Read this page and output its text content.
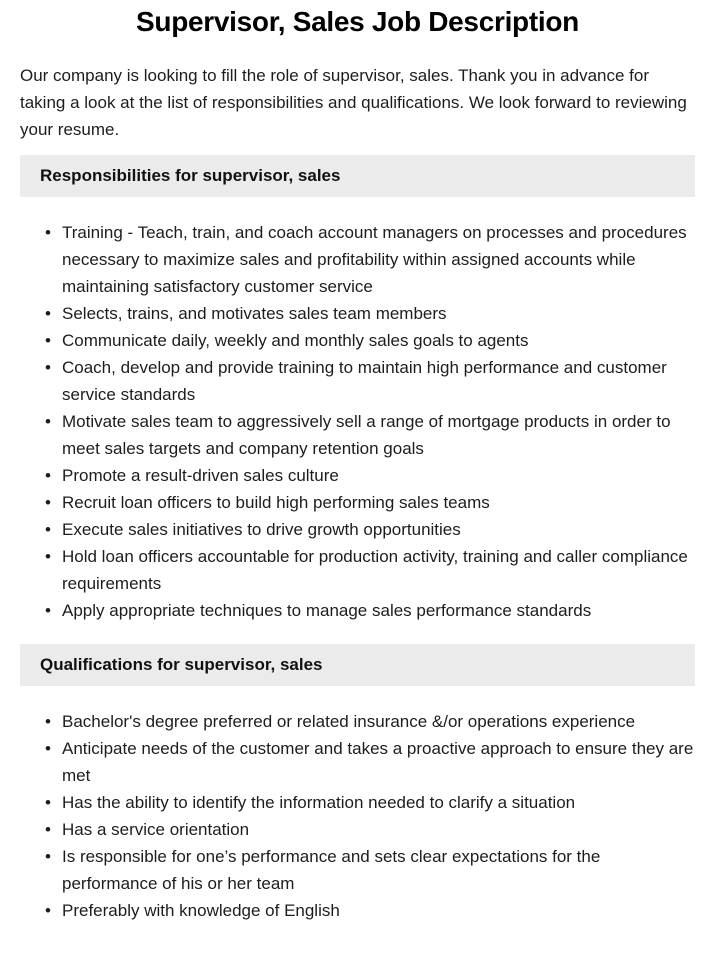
Supervisor, Sales Job Description

Our company is looking to fill the role of supervisor, sales. Thank you in advance for taking a look at the list of responsibilities and qualifications. We look forward to reviewing your resume.

Responsibilities for supervisor, sales
• Training - Teach, train, and coach account managers on processes and procedures necessary to maximize sales and profitability within assigned accounts while maintaining satisfactory customer service
• Selects, trains, and motivates sales team members
• Communicate daily, weekly and monthly sales goals to agents
• Coach, develop and provide training to maintain high performance and customer service standards
• Motivate sales team to aggressively sell a range of mortgage products in order to meet sales targets and company retention goals
• Promote a result-driven sales culture
• Recruit loan officers to build high performing sales teams
• Execute sales initiatives to drive growth opportunities
• Hold loan officers accountable for production activity, training and caller compliance requirements
• Apply appropriate techniques to manage sales performance standards
Qualifications for supervisor, sales
• Bachelor's degree preferred or related insurance &/or operations experience
• Anticipate needs of the customer and takes a proactive approach to ensure they are met
• Has the ability to identify the information needed to clarify a situation
• Has a service orientation
• Is responsible for one’s performance and sets clear expectations for the performance of his or her team
• Preferably with knowledge of English
